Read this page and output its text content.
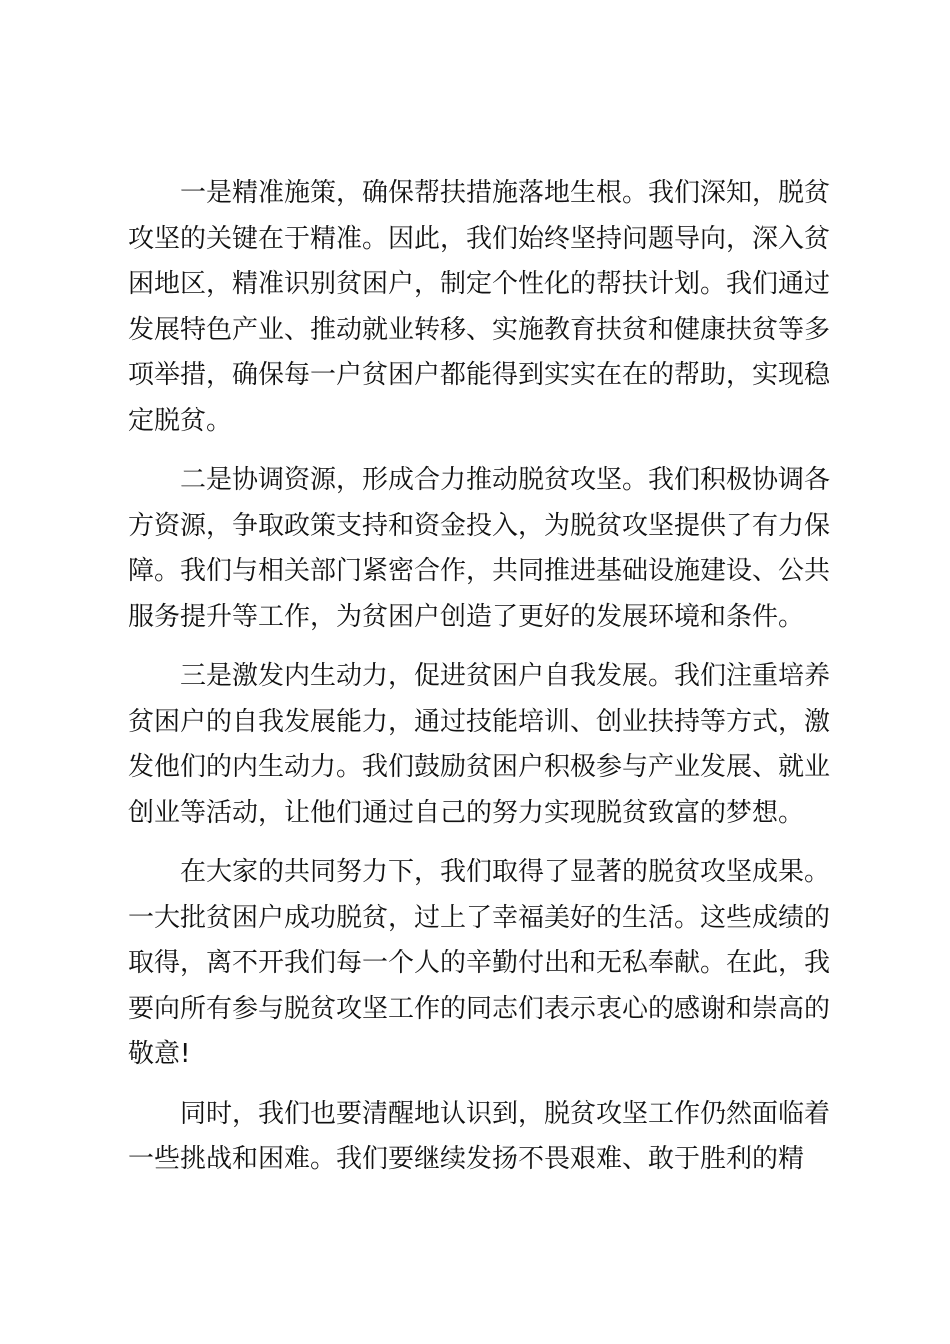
一是精准施策，确保帮扶措施落地生根。我们深知，脱贫攻坚的关键在于精准。因此，我们始终坚持问题导向，深入贫困地区，精准识别贫困户，制定个性化的帮扶计划。我们通过发展特色产业、推动就业转移、实施教育扶贫和健康扶贫等多项举措，确保每一户贫困户都能得到实实在在的帮助，实现稳定脱贫。

二是协调资源，形成合力推动脱贫攻坚。我们积极协调各方资源，争取政策支持和资金投入，为脱贫攻坚提供了有力保障。我们与相关部门紧密合作，共同推进基础设施建设、公共服务提升等工作，为贫困户创造了更好的发展环境和条件。

三是激发内生动力，促进贫困户自我发展。我们注重培养贫困户的自我发展能力，通过技能培训、创业扶持等方式，激发他们的内生动力。我们鼓励贫困户积极参与产业发展、就业创业等活动，让他们通过自己的努力实现脱贫致富的梦想。

在大家的共同努力下，我们取得了显著的脱贫攻坚成果。一大批贫困户成功脱贫，过上了幸福美好的生活。这些成绩的取得，离不开我们每一个人的辛勤付出和无私奉献。在此，我要向所有参与脱贫攻坚工作的同志们表示衷心的感谢和崇高的敬意!

同时，我们也要清醒地认识到，脱贫攻坚工作仍然面临着一些挑战和困难。我们要继续发扬不畏艰难、敢于胜利的精
